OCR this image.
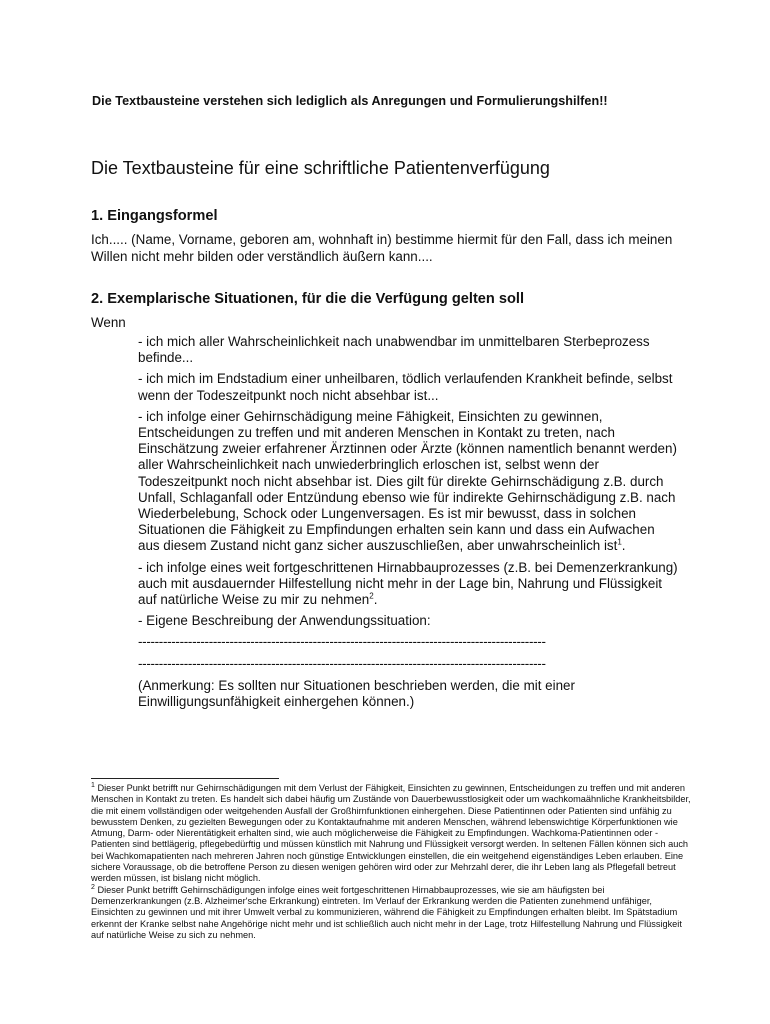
Die Textbausteine verstehen sich lediglich als Anregungen und Formulierungshilfen!!
Die Textbausteine für eine schriftliche Patientenverfügung
1. Eingangsformel
Ich..... (Name, Vorname, geboren am, wohnhaft in) bestimme hiermit für den Fall, dass ich meinen Willen nicht mehr bilden oder verständlich äußern kann....
2. Exemplarische Situationen, für die die Verfügung gelten soll
Wenn
- ich mich aller Wahrscheinlichkeit nach unabwendbar im unmittelbaren Sterbeprozess befinde...
- ich mich im Endstadium einer unheilbaren, tödlich verlaufenden Krankheit befinde, selbst wenn der Todeszeitpunkt noch nicht absehbar ist...
- ich infolge einer Gehirnschädigung meine Fähigkeit, Einsichten zu gewinnen, Entscheidungen zu treffen und mit anderen Menschen in Kontakt zu treten, nach Einschätzung zweier erfahrener Ärztinnen oder Ärzte (können namentlich benannt werden) aller Wahrscheinlichkeit nach unwiederbringlich erloschen ist, selbst wenn der Todeszeitpunkt noch nicht absehbar ist. Dies gilt für direkte Gehirnschädigung z.B. durch Unfall, Schlaganfall oder Entzündung ebenso wie für indirekte Gehirnschädigung z.B. nach Wiederbelebung, Schock oder Lungenversagen. Es ist mir bewusst, dass in solchen Situationen die Fähigkeit zu Empfindungen erhalten sein kann und dass ein Aufwachen aus diesem Zustand nicht ganz sicher auszuschließen, aber unwahrscheinlich ist$^1$.
- ich infolge eines weit fortgeschrittenen Hirnabbauprozesses (z.B. bei Demenzerkrankung) auch mit ausdauernder Hilfestellung nicht mehr in der Lage bin, Nahrung und Flüssigkeit auf natürliche Weise zu mir zu nehmen$^2$.
- Eigene Beschreibung der Anwendungssituation:
--------------------------------------------------------------------------------------------------
--------------------------------------------------------------------------------------------------
(Anmerkung: Es sollten nur Situationen beschrieben werden, die mit einer Einwilligungsunfähigkeit einhergehen können.)

$^1$ Dieser Punkt betrifft nur Gehirnschädigungen mit dem Verlust der Fähigkeit, Einsichten zu gewinnen, Entscheidungen zu treffen und mit anderen Menschen in Kontakt zu treten. Es handelt sich dabei häufig um Zustände von Dauerbewusstlosigkeit oder um wachkomaähnliche Krankheitsbilder, die mit einem vollständigen oder weitgehenden Ausfall der Großhirnfunktionen einhergehen. Diese Patientinnen oder Patienten sind unfähig zu bewusstem Denken, zu gezielten Bewegungen oder zu Kontaktaufnahme mit anderen Menschen, während lebenswichtige Körperfunktionen wie Atmung, Darm- oder Nierentätigkeit erhalten sind, wie auch möglicherweise die Fähigkeit zu Empfindungen. Wachkoma-Patientinnen oder -Patienten sind bettlägerig, pflegebedürftig und müssen künstlich mit Nahrung und Flüssigkeit versorgt werden. In seltenen Fällen können sich auch bei Wachkomapatienten nach mehreren Jahren noch günstige Entwicklungen einstellen, die ein weitgehend eigenständiges Leben erlauben. Eine sichere Voraussage, ob die betroffene Person zu diesen wenigen gehören wird oder zur Mehrzahl derer, die ihr Leben lang als Pflegefall betreut werden müssen, ist bislang nicht möglich.

$^2$ Dieser Punkt betrifft Gehirnschädigungen infolge eines weit fortgeschrittenen Hirnabbauprozesses, wie sie am häufigsten bei Demenzerkrankungen (z.B. Alzheimer'sche Erkrankung) eintreten. Im Verlauf der Erkrankung werden die Patienten zunehmend unfähiger, Einsichten zu gewinnen und mit ihrer Umwelt verbal zu kommunizieren, während die Fähigkeit zu Empfindungen erhalten bleibt. Im Spätstadium erkennt der Kranke selbst nahe Angehörige nicht mehr und ist schließlich auch nicht mehr in der Lage, trotz Hilfestellung Nahrung und Flüssigkeit auf natürliche Weise zu sich zu nehmen.
